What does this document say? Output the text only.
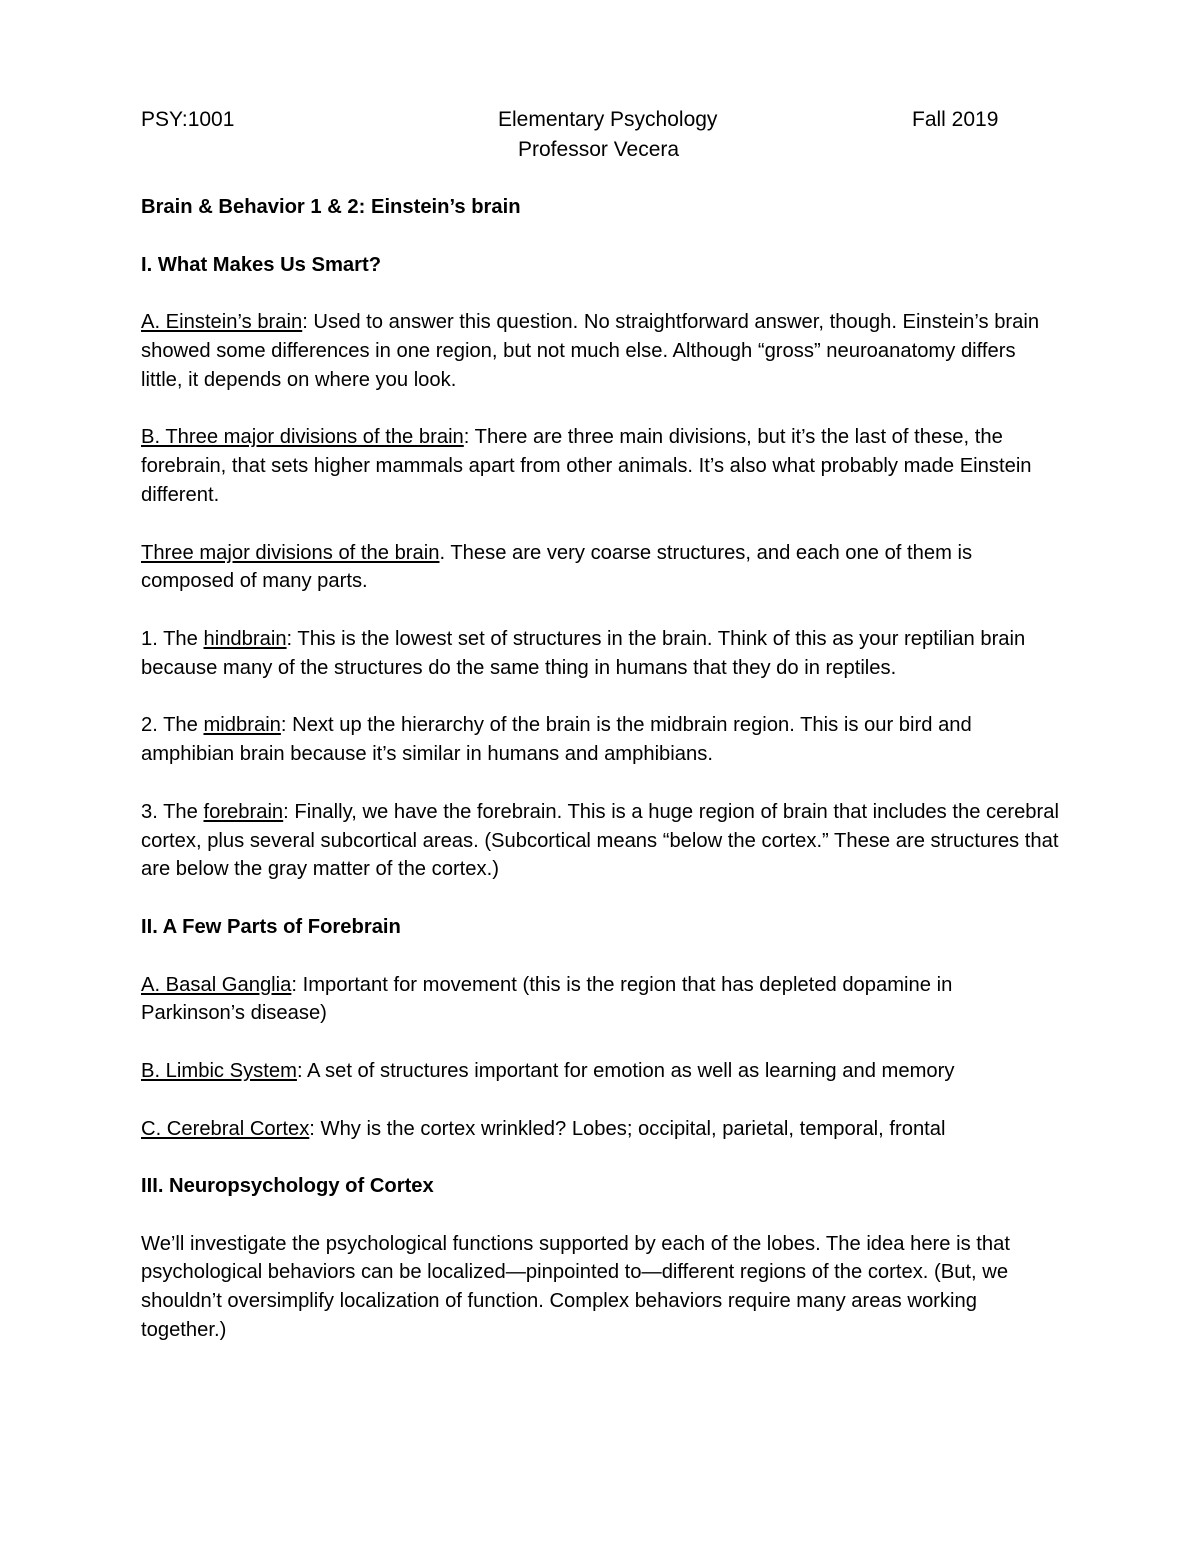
PSY:1001	Elementary Psychology	Fall 2019
Professor Vecera

Brain & Behavior 1 & 2: Einstein’s brain

I. What Makes Us Smart?

A. Einstein’s brain: Used to answer this question. No straightforward answer, though. Einstein’s brain showed some differences in one region, but not much else. Although “gross” neuroanatomy differs little, it depends on where you look.

B. Three major divisions of the brain: There are three main divisions, but it’s the last of these, the forebrain, that sets higher mammals apart from other animals. It’s also what probably made Einstein different.

Three major divisions of the brain. These are very coarse structures, and each one of them is composed of many parts.

1. The hindbrain: This is the lowest set of structures in the brain. Think of this as your reptilian brain because many of the structures do the same thing in humans that they do in reptiles.

2. The midbrain: Next up the hierarchy of the brain is the midbrain region. This is our bird and amphibian brain because it’s similar in humans and amphibians.

3. The forebrain: Finally, we have the forebrain. This is a huge region of brain that includes the cerebral cortex, plus several subcortical areas. (Subcortical means “below the cortex.” These are structures that are below the gray matter of the cortex.)

II. A Few Parts of Forebrain

A. Basal Ganglia: Important for movement (this is the region that has depleted dopamine in Parkinson’s disease)

B. Limbic System: A set of structures important for emotion as well as learning and memory

C. Cerebral Cortex: Why is the cortex wrinkled? Lobes; occipital, parietal, temporal, frontal

III. Neuropsychology of Cortex

We’ll investigate the psychological functions supported by each of the lobes. The idea here is that psychological behaviors can be localized—pinpointed to—different regions of the cortex. (But, we shouldn’t oversimplify localization of function. Complex behaviors require many areas working together.)
